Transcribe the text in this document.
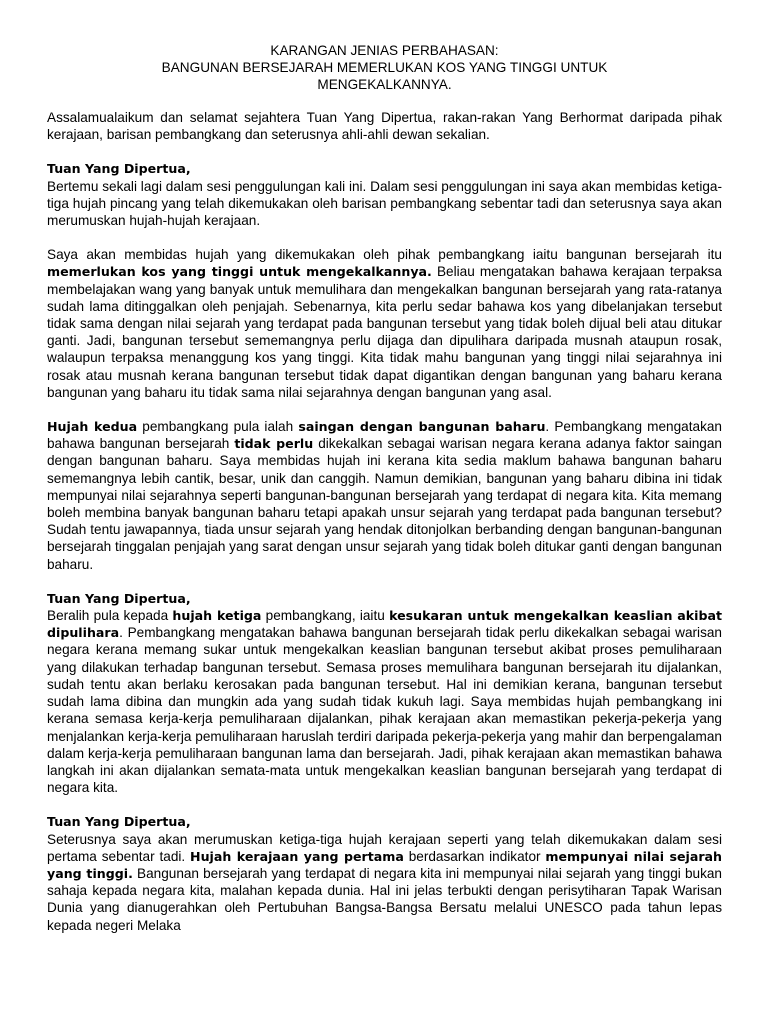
KARANGAN JENIAS PERBAHASAN:
BANGUNAN BERSEJARAH MEMERLUKAN KOS YANG TINGGI UNTUK
MENGEKALKANNYA.

Assalamualaikum dan selamat sejahtera Tuan Yang Dipertua, rakan-rakan Yang Berhormat daripada pihak kerajaan, barisan pembangkang dan seterusnya ahli-ahli dewan sekalian.

Tuan Yang Dipertua,
Bertemu sekali lagi dalam sesi penggulungan kali ini. Dalam sesi penggulungan ini saya akan membidas ketiga-tiga hujah pincang yang telah dikemukakan oleh barisan pembangkang sebentar tadi dan seterusnya saya akan merumuskan hujah-hujah kerajaan.

Saya akan membidas hujah yang dikemukakan oleh pihak pembangkang iaitu bangunan bersejarah itu memerlukan kos yang tinggi untuk mengekalkannya. Beliau mengatakan bahawa kerajaan terpaksa membelajakan wang yang banyak untuk memulihara dan mengekalkan bangunan bersejarah yang rata-ratanya sudah lama ditinggalkan oleh penjajah. Sebenarnya, kita perlu sedar bahawa kos yang dibelanjakan tersebut tidak sama dengan nilai sejarah yang terdapat pada bangunan tersebut yang tidak boleh dijual beli atau ditukar ganti. Jadi, bangunan tersebut sememangnya perlu dijaga dan dipulihara daripada musnah ataupun rosak, walaupun terpaksa menanggung kos yang tinggi. Kita tidak mahu bangunan yang tinggi nilai sejarahnya ini rosak atau musnah kerana bangunan tersebut tidak dapat digantikan dengan bangunan yang baharu kerana bangunan yang baharu itu tidak sama nilai sejarahnya dengan bangunan yang asal.

Hujah kedua pembangkang pula ialah saingan dengan bangunan baharu. Pembangkang mengatakan bahawa bangunan bersejarah tidak perlu dikekalkan sebagai warisan negara kerana adanya faktor saingan dengan bangunan baharu. Saya membidas hujah ini kerana kita sedia maklum bahawa bangunan baharu sememangnya lebih cantik, besar, unik dan canggih. Namun demikian, bangunan yang baharu dibina ini tidak mempunyai nilai sejarahnya seperti bangunan-bangunan bersejarah yang terdapat di negara kita. Kita memang boleh membina banyak bangunan baharu tetapi apakah unsur sejarah yang terdapat pada bangunan tersebut? Sudah tentu jawapannya, tiada unsur sejarah yang hendak ditonjolkan berbanding dengan bangunan-bangunan bersejarah tinggalan penjajah yang sarat dengan unsur sejarah yang tidak boleh ditukar ganti dengan bangunan baharu.

Tuan Yang Dipertua,
Beralih pula kepada hujah ketiga pembangkang, iaitu kesukaran untuk mengekalkan keaslian akibat dipulihara. Pembangkang mengatakan bahawa bangunan bersejarah tidak perlu dikekalkan sebagai warisan negara kerana memang sukar untuk mengekalkan keaslian bangunan tersebut akibat proses pemuliharaan yang dilakukan terhadap bangunan tersebut. Semasa proses memulihara bangunan bersejarah itu dijalankan, sudah tentu akan berlaku kerosakan pada bangunan tersebut. Hal ini demikian kerana, bangunan tersebut sudah lama dibina dan mungkin ada yang sudah tidak kukuh lagi. Saya membidas hujah pembangkang ini kerana semasa kerja-kerja pemuliharaan dijalankan, pihak kerajaan akan memastikan pekerja-pekerja yang menjalankan kerja-kerja pemuliharaan haruslah terdiri daripada pekerja-pekerja yang mahir dan berpengalaman dalam kerja-kerja pemuliharaan bangunan lama dan bersejarah. Jadi, pihak kerajaan akan memastikan bahawa langkah ini akan dijalankan semata-mata untuk mengekalkan keaslian bangunan bersejarah yang terdapat di negara kita.

Tuan Yang Dipertua,
Seterusnya saya akan merumuskan ketiga-tiga hujah kerajaan seperti yang telah dikemukakan dalam sesi pertama sebentar tadi. Hujah kerajaan yang pertama berdasarkan indikator mempunyai nilai sejarah yang tinggi. Bangunan bersejarah yang terdapat di negara kita ini mempunyai nilai sejarah yang tinggi bukan sahaja kepada negara kita, malahan kepada dunia. Hal ini jelas terbukti dengan perisytiharan Tapak Warisan Dunia yang dianugerahkan oleh Pertubuhan Bangsa-Bangsa Bersatu melalui UNESCO pada tahun lepas kepada negeri Melaka
